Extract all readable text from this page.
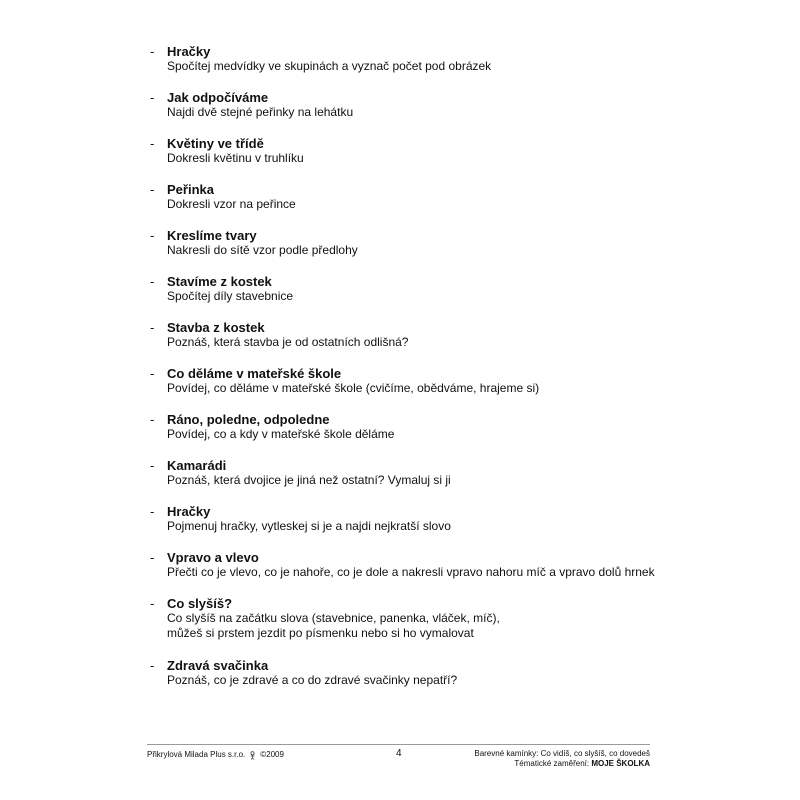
- Hračky
Spočítej medvídky ve skupinách a vyznač počet pod obrázek
- Jak odpočíváme
Najdi dvě stejné peřinky na lehátku
- Květiny ve třídě
Dokresli květinu v truhlíku
- Peřinka
Dokresli vzor na peřince
- Kreslíme tvary
Nakresli do sítě vzor podle předlohy
- Stavíme z kostek
Spočítej díly stavebnice
- Stavba z kostek
Poznáš, která stavba je od ostatních odlišná?
- Co děláme v mateřské škole
Povídej, co děláme v mateřské škole (cvičíme, obědváme, hrajeme si)
- Ráno, poledne, odpoledne
Povídej, co a kdy v mateřské škole děláme
- Kamarádi
Poznáš, která dvojice je jiná než ostatní? Vymaluj si ji
- Hračky
Pojmenuj hračky, vytleskej si je a najdi nejkratší slovo
- Vpravo a vlevo
Přečti co je vlevo, co je nahoře, co je dole a nakresli vpravo nahoru míč a vpravo dolů hrnek
- Co slyšíš?
Co slyšíš na začátku slova (stavebnice, panenka, vláček, míč),
můžeš si prstem jezdit po písmenku nebo si ho vymalovat
- Zdravá svačinka
Poznáš, co je zdravé a co do zdravé svačinky nepatří?
Přikrylová Milada Plus s.r.o. ©2009	4	Barevné kamínky: Co vidíš, co slyšíš, co dovedeš
Tématické zaměření: MOJE ŠKOLKA
